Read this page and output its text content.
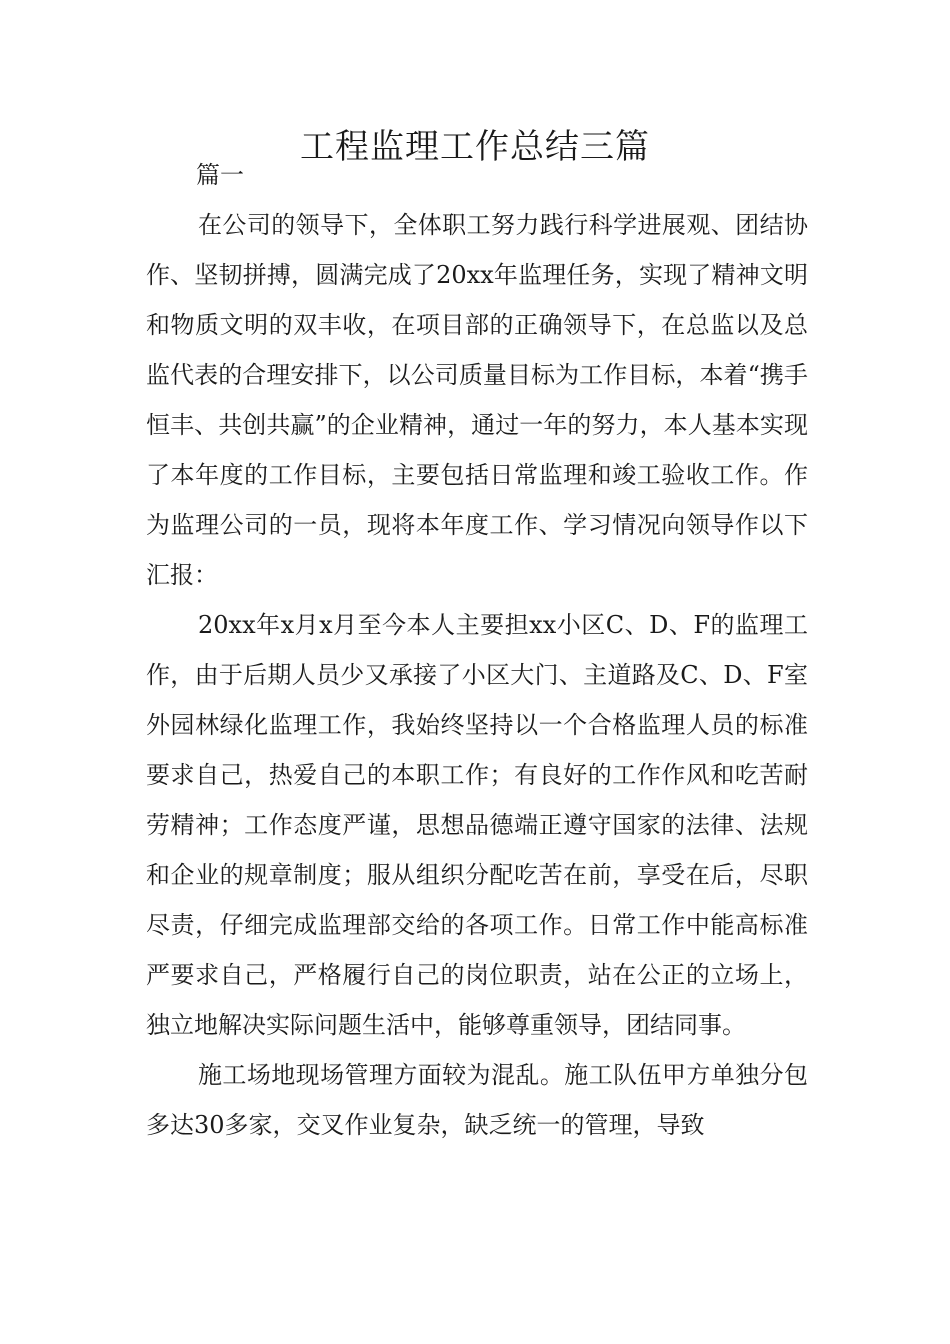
工程监理工作总结三篇

篇一

在公司的领导下，全体职工努力践行科学进展观、团结协作、坚韧拼搏，圆满完成了20xx年监理任务，实现了精神文明和物质文明的双丰收，在项目部的正确领导下，在总监以及总监代表的合理安排下，以公司质量目标为工作目标，本着“携手恒丰、共创共赢”的企业精神，通过一年的努力，本人基本实现了本年度的工作目标，主要包括日常监理和竣工验收工作。作为监理公司的一员，现将本年度工作、学习情况向领导作以下汇报：

20xx年x月x月至今本人主要担xx小区C、D、F的监理工作，由于后期人员少又承接了小区大门、主道路及C、D、F室外园林绿化监理工作，我始终坚持以一个合格监理人员的标准要求自己，热爱自己的本职工作；有良好的工作作风和吃苦耐劳精神；工作态度严谨，思想品德端正遵守国家的法律、法规和企业的规章制度；服从组织分配吃苦在前，享受在后，尽职尽责，仔细完成监理部交给的各项工作。日常工作中能高标准严要求自己，严格履行自己的岗位职责，站在公正的立场上，独立地解决实际问题生活中，能够尊重领导，团结同事。

施工场地现场管理方面较为混乱。施工队伍甲方单独分包多达30多家，交叉作业复杂，缺乏统一的管理，导致
